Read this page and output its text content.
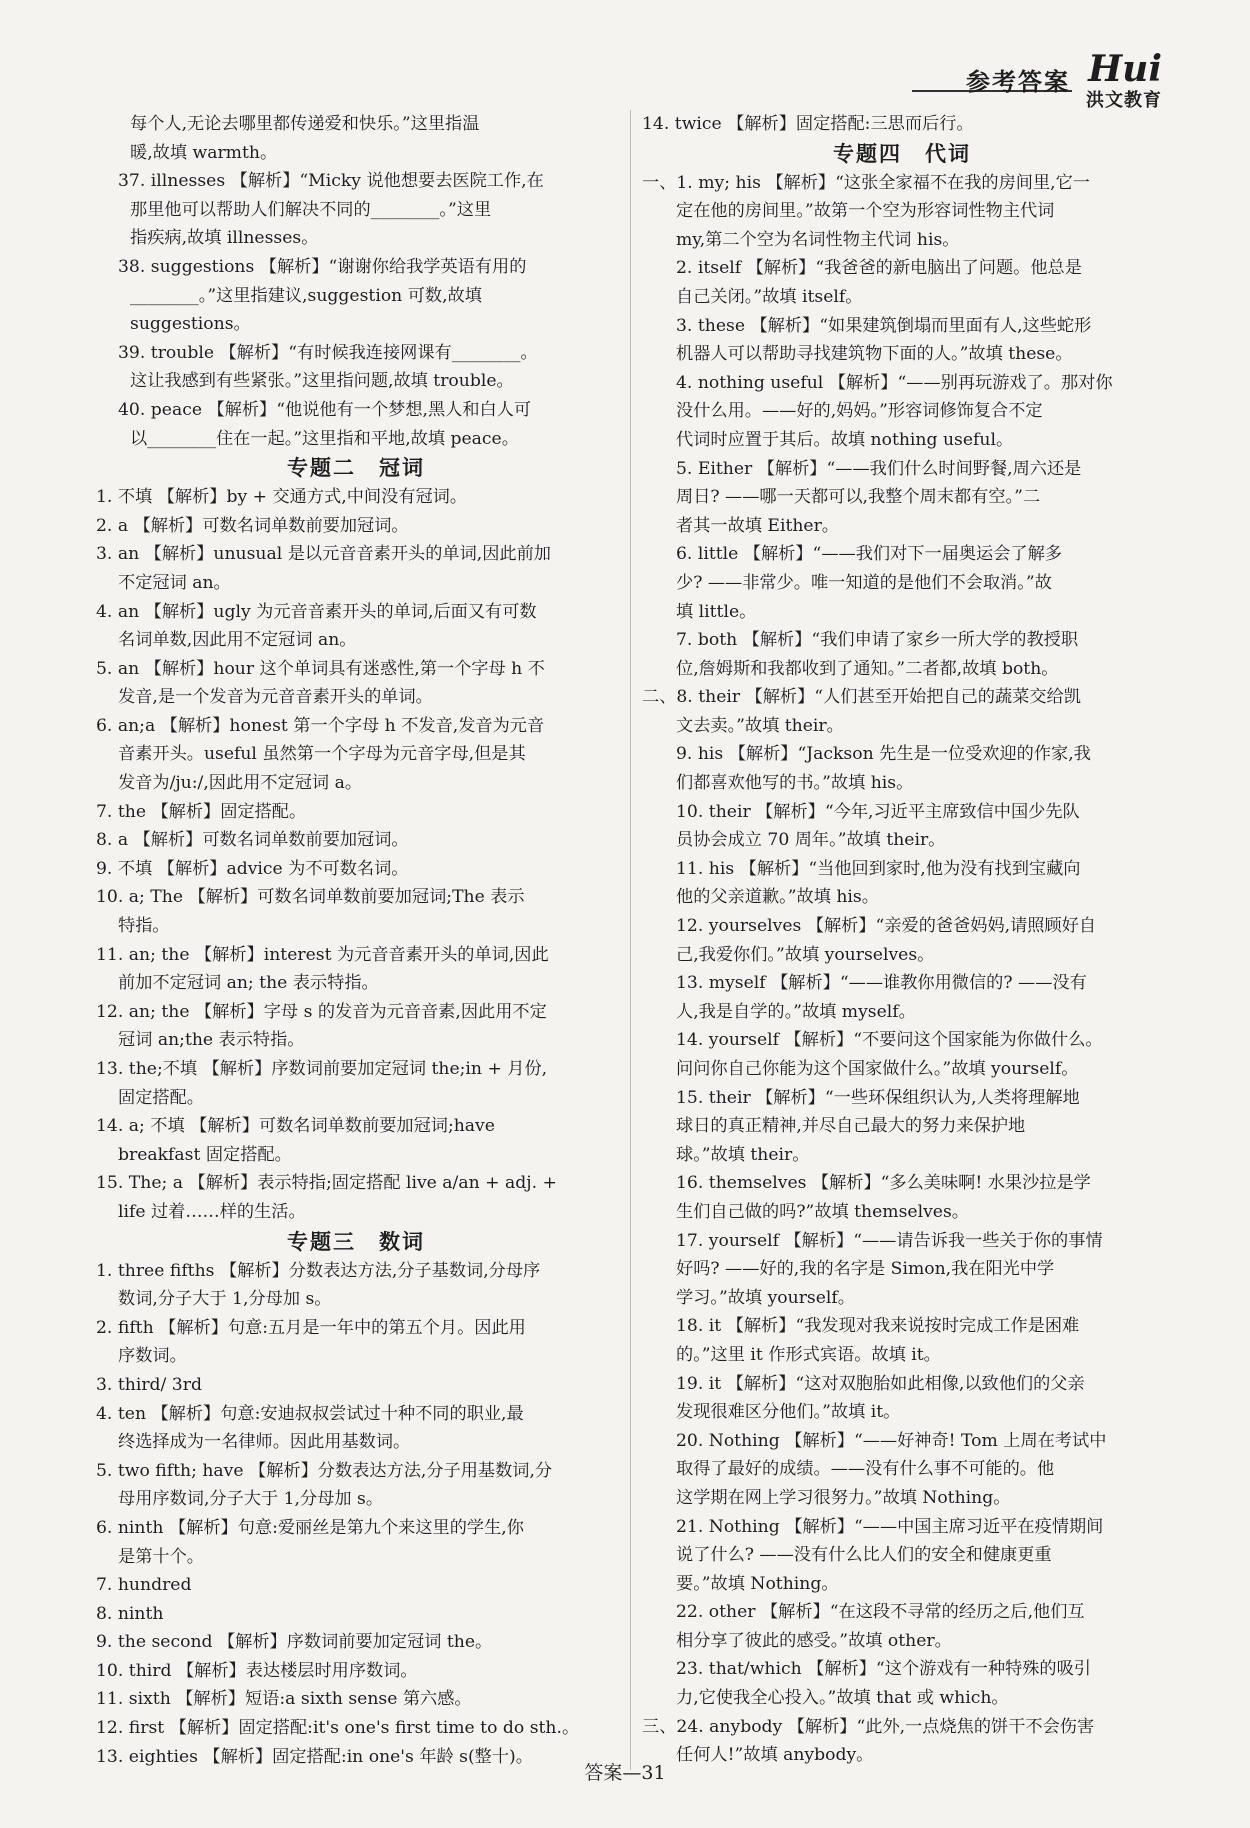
参考答案 Hui
洪文教育
每个人,无论去哪里都传递爱和快乐。”这里指温
暖,故填 warmth。
37. illnesses 【解析】“Micky 说他想要去医院工作,在
那里他可以帮助人们解决不同的________。”这里
指疾病,故填 illnesses。
38. suggestions 【解析】“谢谢你给我学英语有用的
________。”这里指建议,suggestion 可数,故填
suggestions。
39. trouble 【解析】“有时候我连接网课有________。
这让我感到有些紧张。”这里指问题,故填 trouble。
40. peace 【解析】“他说他有一个梦想,黑人和白人可
以________住在一起。”这里指和平地,故填 peace。
专题二　冠词
1. 不填 【解析】by + 交通方式,中间没有冠词。
2. a 【解析】可数名词单数前要加冠词。
3. an 【解析】unusual 是以元音音素开头的单词,因此前加
不定冠词 an。
4. an 【解析】ugly 为元音音素开头的单词,后面又有可数
名词单数,因此用不定冠词 an。
5. an 【解析】hour 这个单词具有迷惑性,第一个字母 h 不
发音,是一个发音为元音音素开头的单词。
6. an;a 【解析】honest 第一个字母 h 不发音,发音为元音
音素开头。useful 虽然第一个字母为元音字母,但是其
发音为/ju:/,因此用不定冠词 a。
7. the 【解析】固定搭配。
8. a 【解析】可数名词单数前要加冠词。
9. 不填 【解析】advice 为不可数名词。
10. a; The 【解析】可数名词单数前要加冠词;The 表示
特指。
11. an; the 【解析】interest 为元音音素开头的单词,因此
前加不定冠词 an; the 表示特指。
12. an; the 【解析】字母 s 的发音为元音音素,因此用不定
冠词 an;the 表示特指。
13. the;不填 【解析】序数词前要加定冠词 the;in + 月份,
固定搭配。
14. a; 不填 【解析】可数名词单数前要加冠词;have
breakfast 固定搭配。
15. The; a 【解析】表示特指;固定搭配 live a/an + adj. +
life 过着……样的生活。
专题三　数词
1. three fifths 【解析】分数表达方法,分子基数词,分母序
数词,分子大于 1,分母加 s。
2. fifth 【解析】句意:五月是一年中的第五个月。因此用
序数词。
3. third/ 3rd
4. ten 【解析】句意:安迪叔叔尝试过十种不同的职业,最
终选择成为一名律师。因此用基数词。
5. two fifth; have 【解析】分数表达方法,分子用基数词,分
母用序数词,分子大于 1,分母加 s。
6. ninth 【解析】句意:爱丽丝是第九个来这里的学生,你
是第十个。
7. hundred
8. ninth
9. the second 【解析】序数词前要加定冠词 the。
10. third 【解析】表达楼层时用序数词。
11. sixth 【解析】短语:a sixth sense 第六感。
12. first 【解析】固定搭配:it's one's first time to do sth.。
13. eighties 【解析】固定搭配:in one's 年龄 s(整十)。
14. twice 【解析】固定搭配:三思而后行。
专题四　代词
一、1. my; his 【解析】“这张全家福不在我的房间里,它一
定在他的房间里。”故第一个空为形容词性物主代词
my,第二个空为名词性物主代词 his。
2. itself 【解析】“我爸爸的新电脑出了问题。他总是
自己关闭。”故填 itself。
3. these 【解析】“如果建筑倒塌而里面有人,这些蛇形
机器人可以帮助寻找建筑物下面的人。”故填 these。
4. nothing useful 【解析】“——别再玩游戏了。那对你
没什么用。——好的,妈妈。”形容词修饰复合不定
代词时应置于其后。故填 nothing useful。
5. Either 【解析】“——我们什么时间野餐,周六还是
周日? ——哪一天都可以,我整个周末都有空。”二
者其一故填 Either。
6. little 【解析】“——我们对下一届奥运会了解多
少? ——非常少。唯一知道的是他们不会取消。”故
填 little。
7. both 【解析】“我们申请了家乡一所大学的教授职
位,詹姆斯和我都收到了通知。”二者都,故填 both。
二、8. their 【解析】“人们甚至开始把自己的蔬菜交给凯
文去卖。”故填 their。
9. his 【解析】“Jackson 先生是一位受欢迎的作家,我
们都喜欢他写的书。”故填 his。
10. their 【解析】“今年,习近平主席致信中国少先队
员协会成立 70 周年。”故填 their。
11. his 【解析】“当他回到家时,他为没有找到宝藏向
他的父亲道歉。”故填 his。
12. yourselves 【解析】“亲爱的爸爸妈妈,请照顾好自
己,我爱你们。”故填 yourselves。
13. myself 【解析】“——谁教你用微信的? ——没有
人,我是自学的。”故填 myself。
14. yourself 【解析】“不要问这个国家能为你做什么。
问问你自己你能为这个国家做什么。”故填 yourself。
15. their 【解析】“一些环保组织认为,人类将理解地
球日的真正精神,并尽自己最大的努力来保护地
球。”故填 their。
16. themselves 【解析】“多么美味啊! 水果沙拉是学
生们自己做的吗?”故填 themselves。
17. yourself 【解析】“——请告诉我一些关于你的事情
好吗? ——好的,我的名字是 Simon,我在阳光中学
学习。”故填 yourself。
18. it 【解析】“我发现对我来说按时完成工作是困难
的。”这里 it 作形式宾语。故填 it。
19. it 【解析】“这对双胞胎如此相像,以致他们的父亲
发现很难区分他们。”故填 it。
20. Nothing 【解析】“——好神奇! Tom 上周在考试中
取得了最好的成绩。——没有什么事不可能的。他
这学期在网上学习很努力。”故填 Nothing。
21. Nothing 【解析】“——中国主席习近平在疫情期间
说了什么? ——没有什么比人们的安全和健康更重
要。”故填 Nothing。
22. other 【解析】“在这段不寻常的经历之后,他们互
相分享了彼此的感受。”故填 other。
23. that/which 【解析】“这个游戏有一种特殊的吸引
力,它使我全心投入。”故填 that 或 which。
三、24. anybody 【解析】“此外,一点烧焦的饼干不会伤害
任何人!”故填 anybody。
答案—31
